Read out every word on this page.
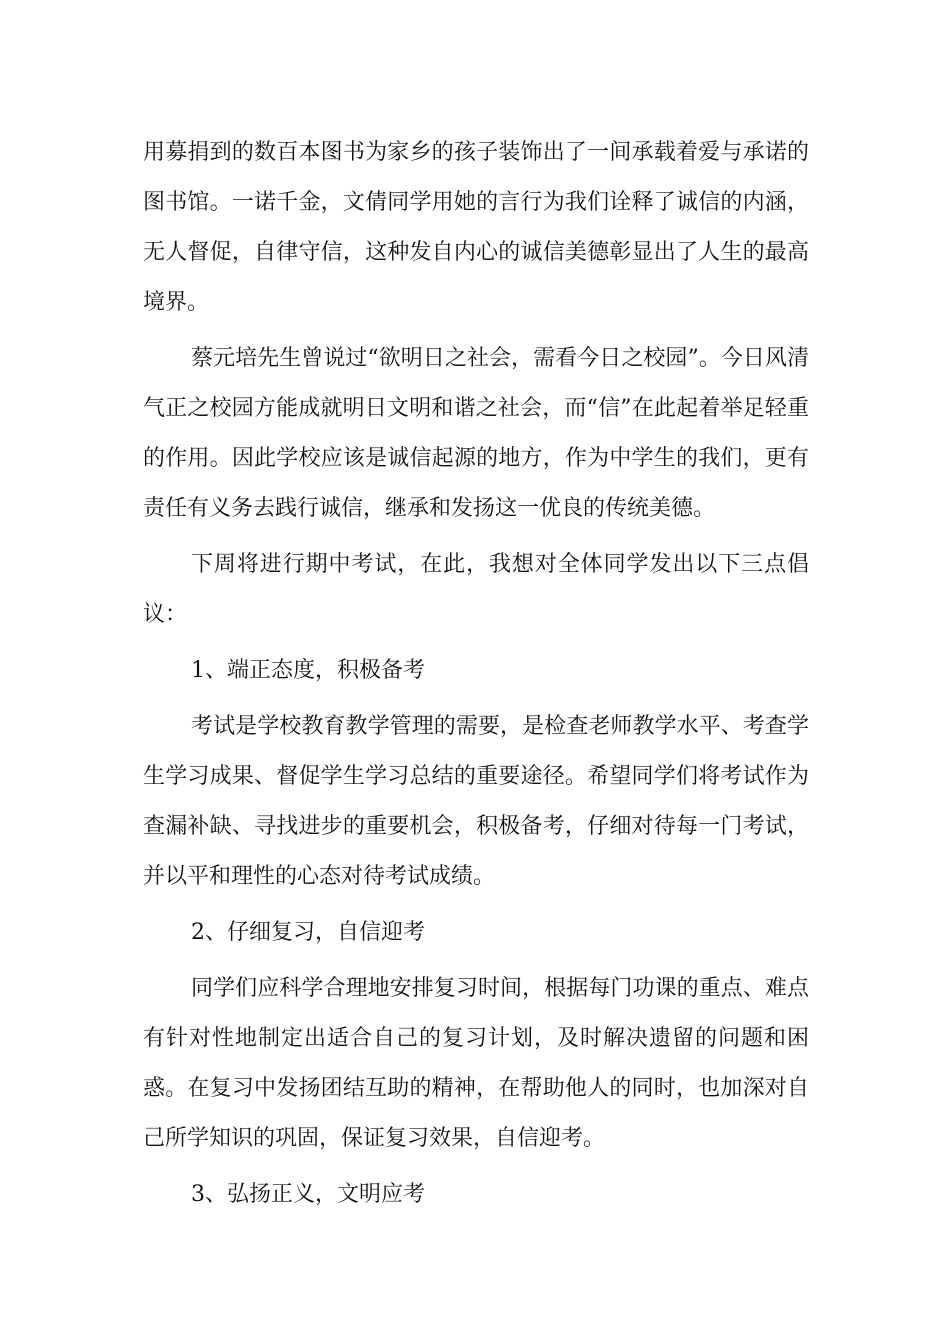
用募捐到的数百本图书为家乡的孩子装饰出了一间承载着爱与承诺的图书馆。一诺千金，文倩同学用她的言行为我们诠释了诚信的内涵，无人督促，自律守信，这种发自内心的诚信美德彰显出了人生的最高境界。

蔡元培先生曾说过“欲明日之社会，需看今日之校园”。今日风清气正之校园方能成就明日文明和谐之社会，而“信”在此起着举足轻重的作用。因此学校应该是诚信起源的地方，作为中学生的我们，更有责任有义务去践行诚信，继承和发扬这一优良的传统美德。

下周将进行期中考试，在此，我想对全体同学发出以下三点倡议：

1、端正态度，积极备考

考试是学校教育教学管理的需要，是检查老师教学水平、考查学生学习成果、督促学生学习总结的重要途径。希望同学们将考试作为查漏补缺、寻找进步的重要机会，积极备考，仔细对待每一门考试，并以平和理性的心态对待考试成绩。

2、仔细复习，自信迎考

同学们应科学合理地安排复习时间，根据每门功课的重点、难点有针对性地制定出适合自己的复习计划，及时解决遗留的问题和困惑。在复习中发扬团结互助的精神，在帮助他人的同时，也加深对自己所学知识的巩固，保证复习效果，自信迎考。

3、弘扬正义，文明应考
